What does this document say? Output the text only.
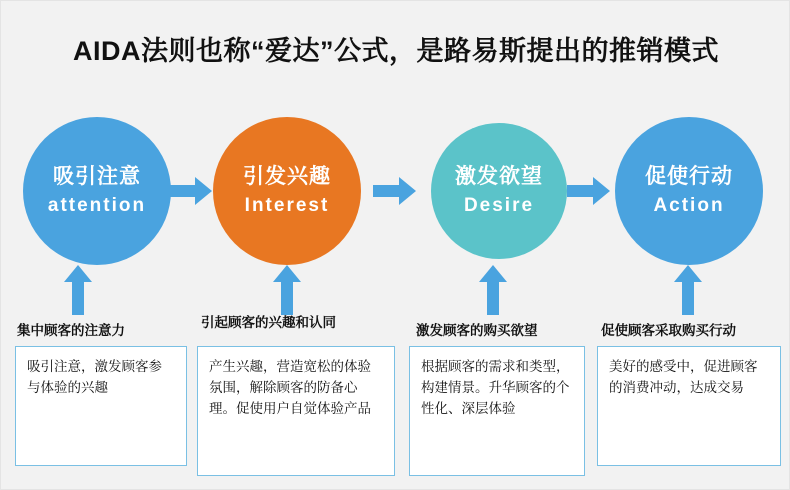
AIDA法则也称“爱达”公式，是路易斯提出的推销模式
吸引注意
attention
引发兴趣
Interest
激发欲望
Desire
促使行动
Action
集中顾客的注意力
引起顾客的兴趣和认同
激发顾客的购买欲望	促使顾客采取购买行动
吸引注意，激发顾客参与体验的兴趣
产生兴趣，营造宽松的体验氛围，解除顾客的防备心理。促使用户自觉体验产品
根据顾客的需求和类型，构建情景。升华顾客的个性化、深层体验
美好的感受中，促进顾客的消费冲动，达成交易
